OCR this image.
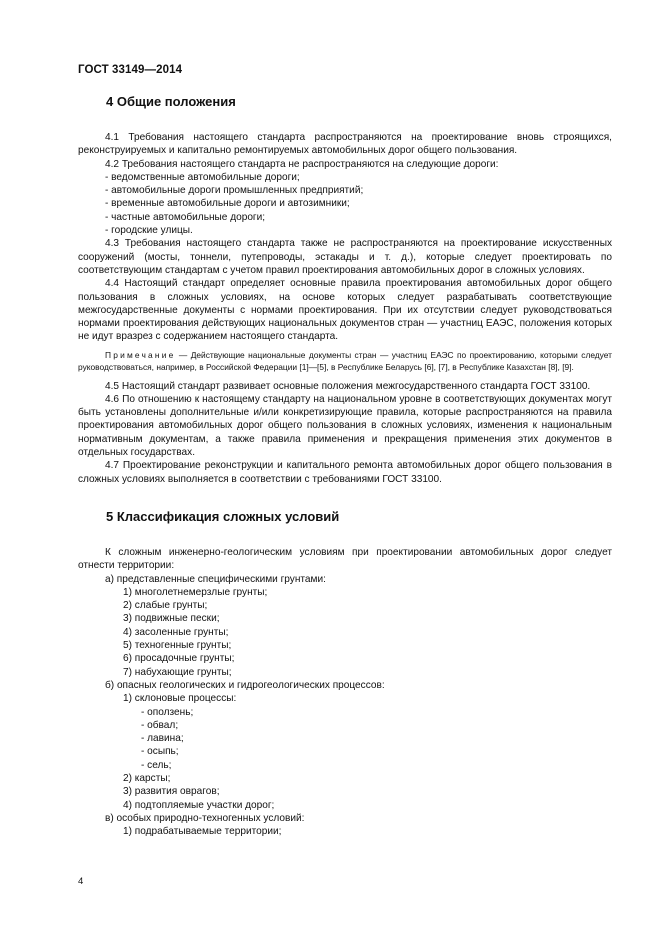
ГОСТ 33149—2014
4 Общие положения

4.1 Требования настоящего стандарта распространяются на проектирование вновь строящихся, реконструируемых и капитально ремонтируемых автомобильных дорог общего пользования.

4.2 Требования настоящего стандарта не распространяются на следующие дороги:

- ведомственные автомобильные дороги;

- автомобильные дороги промышленных предприятий;

- временные автомобильные дороги и автозимники;

- частные автомобильные дороги;

- городские улицы.

4.3 Требования настоящего стандарта также не распространяются на проектирование искусственных сооружений (мосты, тоннели, путепроводы, эстакады и т. д.), которые следует проектировать по соответствующим стандартам с учетом правил проектирования автомобильных дорог в сложных условиях.

4.4 Настоящий стандарт определяет основные правила проектирования автомобильных дорог общего пользования в сложных условиях, на основе которых следует разрабатывать соответствующие межгосударственные документы с нормами проектирования. При их отсутствии следует руководствоваться нормами проектирования действующих национальных документов стран — участниц ЕАЭС, положения которых не идут вразрез с содержанием настоящего стандарта.

Примечание — Действующие национальные документы стран — участниц ЕАЭС по проектированию, которыми следует руководствоваться, например, в Российской Федерации [1]—[5], в Республике Беларусь [6], [7], в Республике Казахстан [8], [9].

4.5 Настоящий стандарт развивает основные положения межгосударственного стандарта ГОСТ 33100.

4.6 По отношению к настоящему стандарту на национальном уровне в соответствующих документах могут быть установлены дополнительные и/или конкретизирующие правила, которые распространяются на правила проектирования автомобильных дорог общего пользования в сложных условиях, изменения к национальным нормативным документам, а также правила применения и прекращения применения этих документов в отдельных государствах.

4.7 Проектирование реконструкции и капитального ремонта автомобильных дорог общего пользования в сложных условиях выполняется в соответствии с требованиями ГОСТ 33100.

5 Классификация сложных условий

К сложным инженерно-геологическим условиям при проектировании автомобильных дорог следует отнести территории:

а) представленные специфическими грунтами:

1) многолетнемерзлые грунты;

2) слабые грунты;

3) подвижные пески;

4) засоленные грунты;

5) техногенные грунты;

6) просадочные грунты;

7) набухающие грунты;

б) опасных геологических и гидрогеологических процессов:

1) склоновые процессы:

- оползень;

- обвал;

- лавина;

- осыпь;

- сель;

2) карсты;

3) развития оврагов;

4) подтопляемые участки дорог;

в) особых природно-техногенных условий:

1) подрабатываемые территории;

4
